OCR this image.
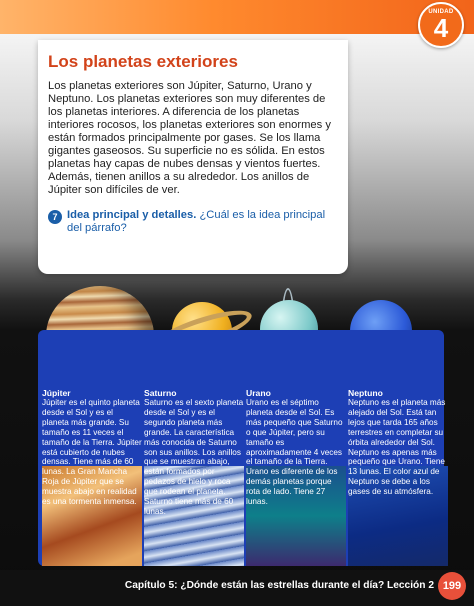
UNIDAD
4
Los planetas exteriores

Los planetas exteriores son Júpiter, Saturno, Urano y Neptuno. Los planetas exteriores son muy diferentes de los planetas interiores. A diferencia de los planetas interiores rocosos, los planetas exteriores son enormes y están formados principalmente por gases. Se los llama gigantes gaseosos. Su superficie no es sólida. En estos planetas hay capas de nubes densas y vientos fuertes. Además, tienen anillos a su alrededor. Los anillos de Júpiter son difíciles de ver.

7 Idea principal y detalles. ¿Cuál es la idea principal del párrafo?
Júpiter
Júpiter es el quinto planeta desde el Sol y es el planeta más grande. Su tamaño es 11 veces el tamaño de la Tierra. Júpiter está cubierto de nubes densas. Tiene más de 60 lunas. La Gran Mancha Roja de Júpiter que se muestra abajo en realidad es una tormenta inmensa.
Saturno
Saturno es el sexto planeta desde el Sol y es el segundo planeta más grande. La característica más conocida de Saturno son sus anillos. Los anillos que se muestran abajo, están formados por pedazos de hielo y roca que rodean el planeta. Saturno tiene más de 60 lunas.
Urano
Urano es el séptimo planeta desde el Sol. Es más pequeño que Saturno o que Júpiter, pero su tamaño es aproximadamente 4 veces el tamaño de la Tierra. Urano es diferente de los demás planetas porque rota de lado. Tiene 27 lunas.
Neptuno
Neptuno es el planeta más alejado del Sol. Está tan lejos que tarda 165 años terrestres en completar su órbita alrededor del Sol. Neptuno es apenas más pequeño que Urano. Tiene 13 lunas. El color azul de Neptuno se debe a los gases de su atmósfera.
Capítulo 5: ¿Dónde están las estrellas durante el día? Lección 2 199
